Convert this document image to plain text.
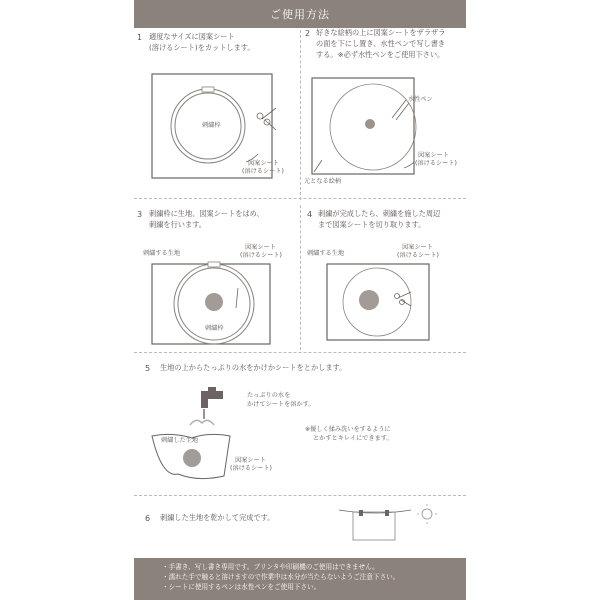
ご使用方法
1 適度なサイズに図案シート
(溶けるシート)をカットします。
刺繍枠
図案シート
(溶けるシート)
2 好きな絵柄の上に図案シートをザラザラ
の面を下にし置き、水性ペンで写し書き
する。※必ず水性ペンをご使用下さい。
水性ペン
図案シート
(溶けるシート)
元となる絵柄
3 刺繍枠に生地、図案シートをはめ、
刺繍を行います。
刺繍する生地
図案シート
(溶けるシート)
刺繍枠
4 刺繍が完成したら、刺繍を施した周辺
まで図案シートを切り取ります。
刺繍する生地
図案シート
(溶けるシート)
5 生地の上からたっぷりの水をかけかシートをとかします。
たっぷりの水を
かけてシートを溶かす。
※優しく揉み洗いをするように
とかすとキレイにできます。
刺繍した生地
図案シート
(溶けるシート)
6 刺繍した生地を乾かして完成です。
・手書き、写し書き専用です。プリンタや印刷機のご使用はできません。
・濡れた手で触ると溶けますので作業中は水分が当たらないようご注意下さい。
・シートに使用するペンは水性ペンをご使用下さい。
